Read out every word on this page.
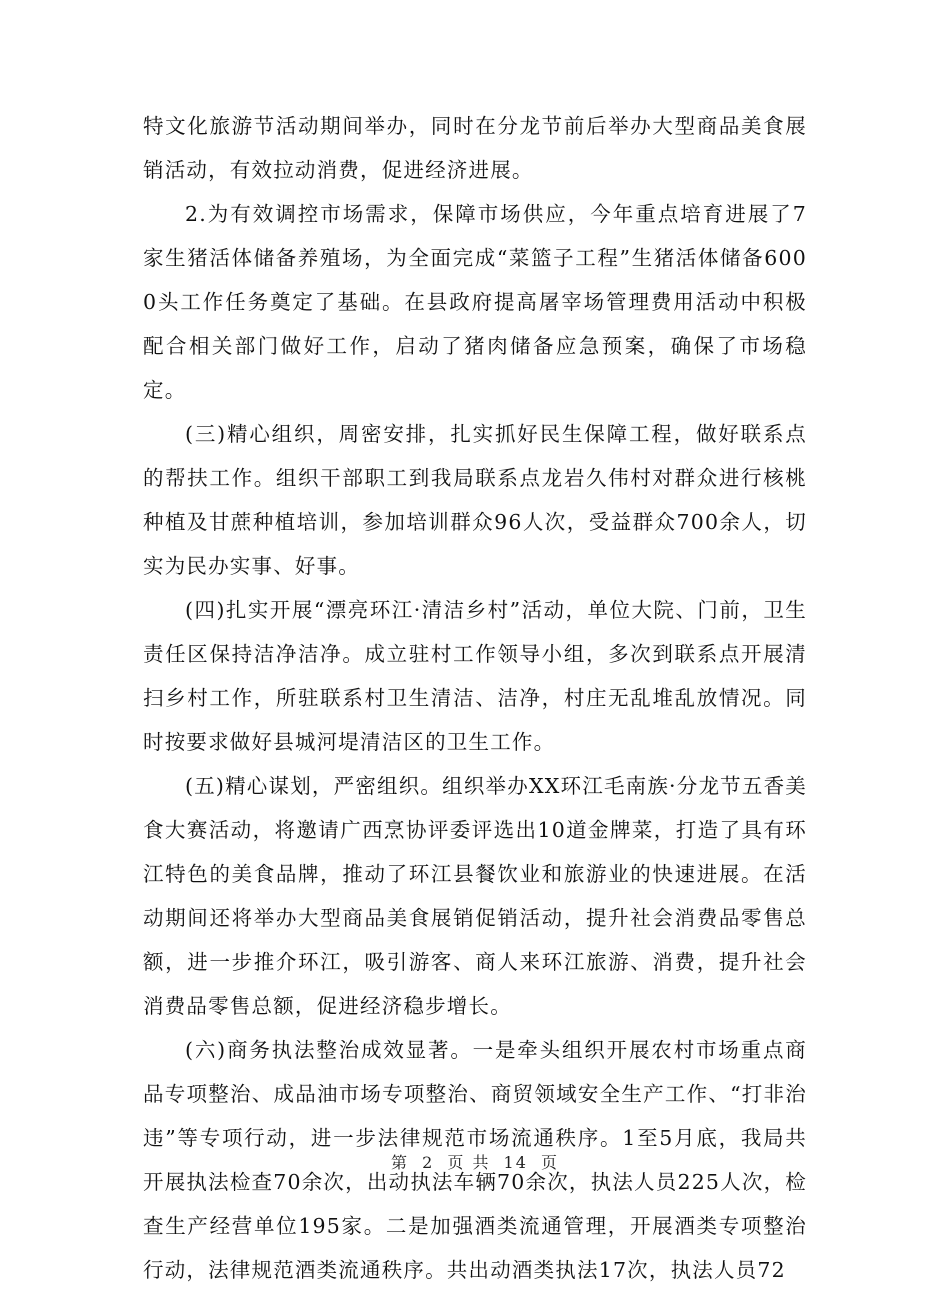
特文化旅游节活动期间举办，同时在分龙节前后举办大型商品美食展销活动，有效拉动消费，促进经济进展。

2.为有效调控市场需求，保障市场供应，今年重点培育进展了7家生猪活体储备养殖场，为全面完成“菜篮子工程”生猪活体储备6000头工作任务奠定了基础。在县政府提高屠宰场管理费用活动中积极配合相关部门做好工作，启动了猪肉储备应急预案，确保了市场稳定。

(三)精心组织，周密安排，扎实抓好民生保障工程，做好联系点的帮扶工作。组织干部职工到我局联系点龙岩久伟村对群众进行核桃种植及甘蔗种植培训，参加培训群众96人次，受益群众700余人，切实为民办实事、好事。

(四)扎实开展“漂亮环江·清洁乡村”活动，单位大院、门前，卫生责任区保持洁净洁净。成立驻村工作领导小组，多次到联系点开展清扫乡村工作，所驻联系村卫生清洁、洁净，村庄无乱堆乱放情况。同时按要求做好县城河堤清洁区的卫生工作。

(五)精心谋划，严密组织。组织举办XX环江毛南族·分龙节五香美食大赛活动，将邀请广西烹协评委评选出10道金牌菜，打造了具有环江特色的美食品牌，推动了环江县餐饮业和旅游业的快速进展。在活动期间还将举办大型商品美食展销促销活动，提升社会消费品零售总额，进一步推介环江，吸引游客、商人来环江旅游、消费，提升社会消费品零售总额，促进经济稳步增长。

(六)商务执法整治成效显著。一是牵头组织开展农村市场重点商品专项整治、成品油市场专项整治、商贸领域安全生产工作、“打非治违”等专项行动，进一步法律规范市场流通秩序。1至5月底，我局共开展执法检查70余次，出动执法车辆70余次，执法人员225人次，检查生产经营单位195家。二是加强酒类流通管理，开展酒类专项整治行动，法律规范酒类流通秩序。共出动酒类执法17次，执法人员72

第 2 页 共 14 页
